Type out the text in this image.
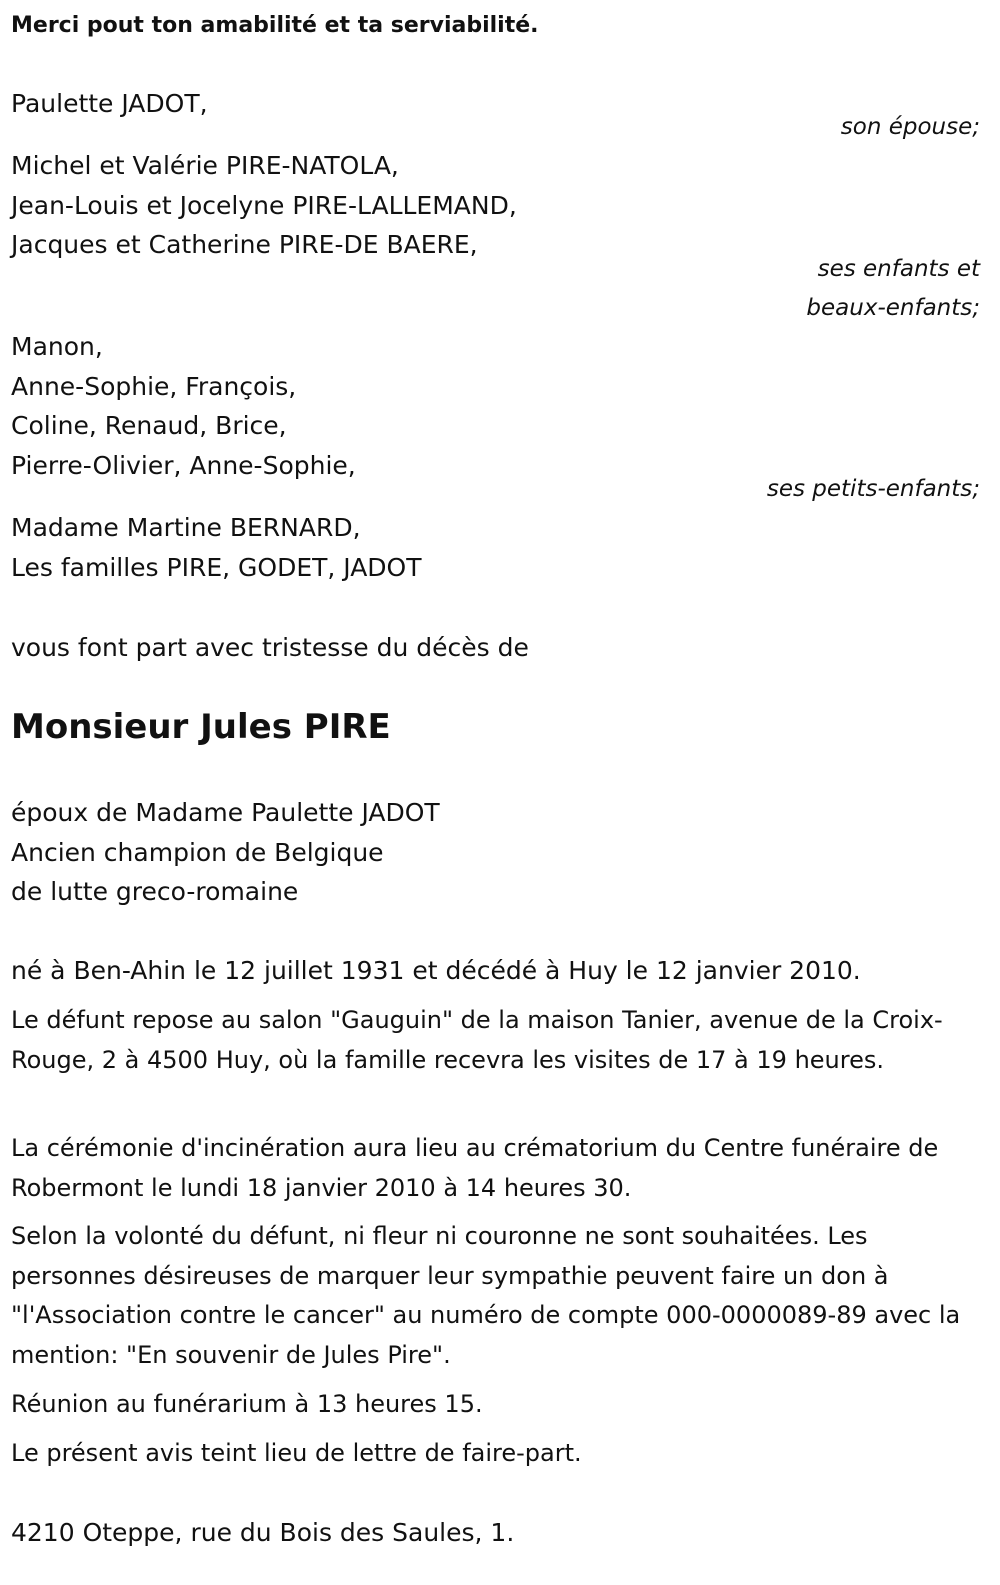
Merci pout ton amabilité et ta serviabilité.
Paulette JADOT,
son épouse;
Michel et Valérie PIRE-NATOLA,
Jean-Louis et Jocelyne PIRE-LALLEMAND,
Jacques et Catherine PIRE-DE BAERE,
ses enfants et
beaux-enfants;
Manon,
Anne-Sophie, François,
Coline, Renaud, Brice,
Pierre-Olivier, Anne-Sophie,
ses petits-enfants;
Madame Martine BERNARD,
Les familles PIRE, GODET, JADOT
vous font part avec tristesse du décès de
Monsieur Jules PIRE
époux de Madame Paulette JADOT
Ancien champion de Belgique
de lutte greco-romaine
né à Ben-Ahin le 12 juillet 1931 et décédé à Huy le 12 janvier 2010.
Le défunt repose au salon "Gauguin" de la maison Tanier, avenue de la Croix-Rouge, 2 à 4500 Huy, où la famille recevra les visites de 17 à 19 heures.
La cérémonie d'incinération aura lieu au crématorium du Centre funéraire de Robermont le lundi 18 janvier 2010 à 14 heures 30.
Selon la volonté du défunt, ni fleur ni couronne ne sont souhaitées. Les personnes désireuses de marquer leur sympathie peuvent faire un don à "l'Association contre le cancer" au numéro de compte 000-0000089-89 avec la mention: "En souvenir de Jules Pire".
Réunion au funérarium à 13 heures 15.
Le présent avis teint lieu de lettre de faire-part.
4210 Oteppe, rue du Bois des Saules, 1.
